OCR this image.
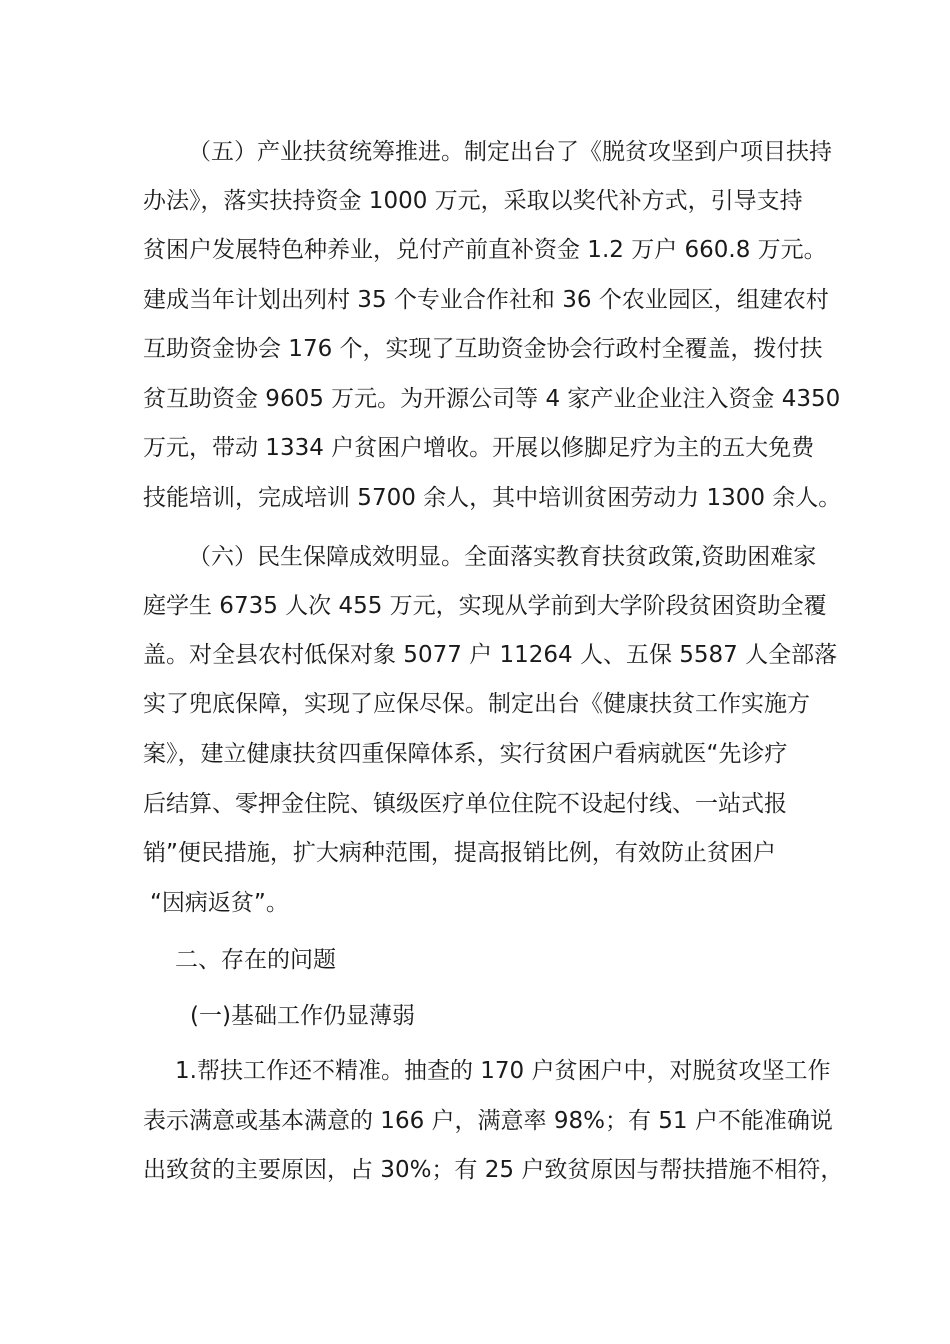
（五）产业扶贫统筹推进。制定出台了《脱贫攻坚到户项目扶持
办法》，落实扶持资金 1000 万元，采取以奖代补方式，引导支持
贫困户发展特色种养业，兑付产前直补资金 1.2 万户 660.8 万元。
建成当年计划出列村 35 个专业合作社和 36 个农业园区，组建农村
互助资金协会 176 个，实现了互助资金协会行政村全覆盖，拨付扶
贫互助资金 9605 万元。为开源公司等 4 家产业企业注入资金 4350
万元，带动 1334 户贫困户增收。开展以修脚足疗为主的五大免费
技能培训，完成培训 5700 余人，其中培训贫困劳动力 1300 余人。
（六）民生保障成效明显。全面落实教育扶贫政策,资助困难家
庭学生 6735 人次 455 万元，实现从学前到大学阶段贫困资助全覆
盖。对全县农村低保对象 5077 户 11264 人、五保 5587 人全部落
实了兜底保障，实现了应保尽保。制定出台《健康扶贫工作实施方
案》，建立健康扶贫四重保障体系，实行贫困户看病就医“先诊疗
后结算、零押金住院、镇级医疗单位住院不设起付线、一站式报
销”便民措施，扩大病种范围，提高报销比例，有效防止贫困户
“因病返贫”。
二、存在的问题
(一)基础工作仍显薄弱
1.帮扶工作还不精准。抽查的 170 户贫困户中，对脱贫攻坚工作
表示满意或基本满意的 166 户，满意率 98%；有 51 户不能准确说
出致贫的主要原因，占 30%；有 25 户致贫原因与帮扶措施不相符，
